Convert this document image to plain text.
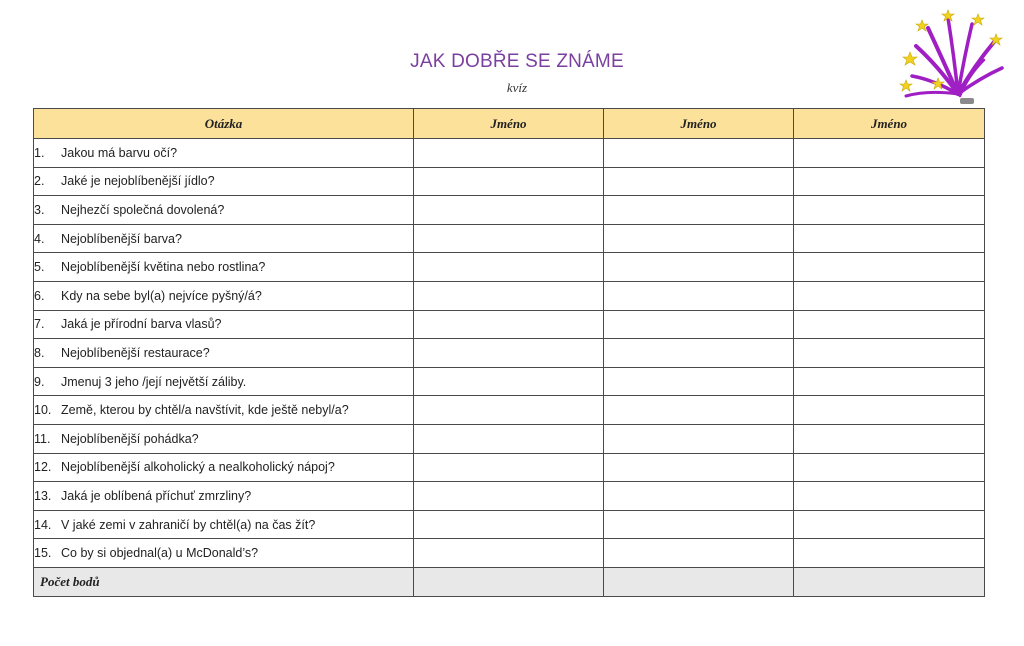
JAK DOBŘE SE ZNÁME
kvíz
Otázka	Jméno	Jméno	Jméno
1. Jakou má barvu očí?			
2. Jaké je nejoblíbenější jídlo?			
3. Nejhezčí společná dovolená?			
4. Nejoblíbenější barva?			
5. Nejoblíbenější květina nebo rostlina?			
6. Kdy na sebe byl(a) nejvíce pyšný/á?			
7. Jaká je přírodní barva vlasů?			
8. Nejoblíbenější restaurace?			
9. Jmenuj 3 jeho /její největší záliby.			
10. Země, kterou by chtěl/a navštívit, kde ještě nebyl/a?			
11. Nejoblíbenější pohádka?			
12. Nejoblíbenější alkoholický a nealkoholický nápoj?			
13. Jaká je oblíbená příchuť zmrzliny?			
14. V jaké zemi v zahraničí by chtěl(a) na čas žít?			
15. Co by si objednal(a) u McDonald’s?			
Počet bodů			
